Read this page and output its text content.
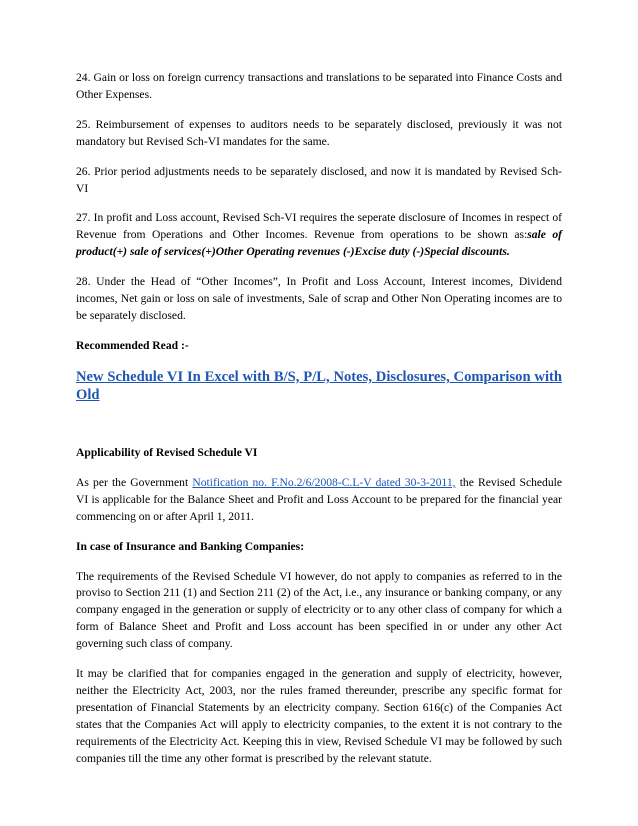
24. Gain or loss on foreign currency transactions and translations to be separated into Finance Costs and Other Expenses.

25. Reimbursement of expenses to auditors needs to be separately disclosed, previously it was not mandatory but Revised Sch-VI mandates for the same.

26. Prior period adjustments needs to be separately disclosed, and now it is mandated by Revised Sch-VI

27. In profit and Loss account, Revised Sch-VI requires the seperate disclosure of Incomes in respect of Revenue from Operations and Other Incomes. Revenue from operations to be shown as:sale of product(+) sale of services(+)Other Operating revenues (-)Excise duty (-)Special discounts.

28. Under the Head of “Other Incomes”, In Profit and Loss Account, Interest incomes, Dividend incomes, Net gain or loss on sale of investments, Sale of scrap and Other Non Operating incomes are to be separately disclosed.

Recommended Read :-

New Schedule VI In Excel with B/S, P/L, Notes, Disclosures, Comparison with Old

Applicability of Revised Schedule VI

As per the Government Notification no. F.No.2/6/2008-C.L-V dated 30-3-2011, the Revised Schedule VI is applicable for the Balance Sheet and Profit and Loss Account to be prepared for the financial year commencing on or after April 1, 2011.

In case of Insurance and Banking Companies:

The requirements of the Revised Schedule VI however, do not apply to companies as referred to in the proviso to Section 211 (1) and Section 211 (2) of the Act, i.e., any insurance or banking company, or any company engaged in the generation or supply of electricity or to any other class of company for which a form of Balance Sheet and Profit and Loss account has been specified in or under any other Act governing such class of company.

It may be clarified that for companies engaged in the generation and supply of electricity, however, neither the Electricity Act, 2003, nor the rules framed thereunder, prescribe any specific format for presentation of Financial Statements by an electricity company. Section 616(c) of the Companies Act states that the Companies Act will apply to electricity companies, to the extent it is not contrary to the requirements of the Electricity Act. Keeping this in view, Revised Schedule VI may be followed by such companies till the time any other format is prescribed by the relevant statute.
